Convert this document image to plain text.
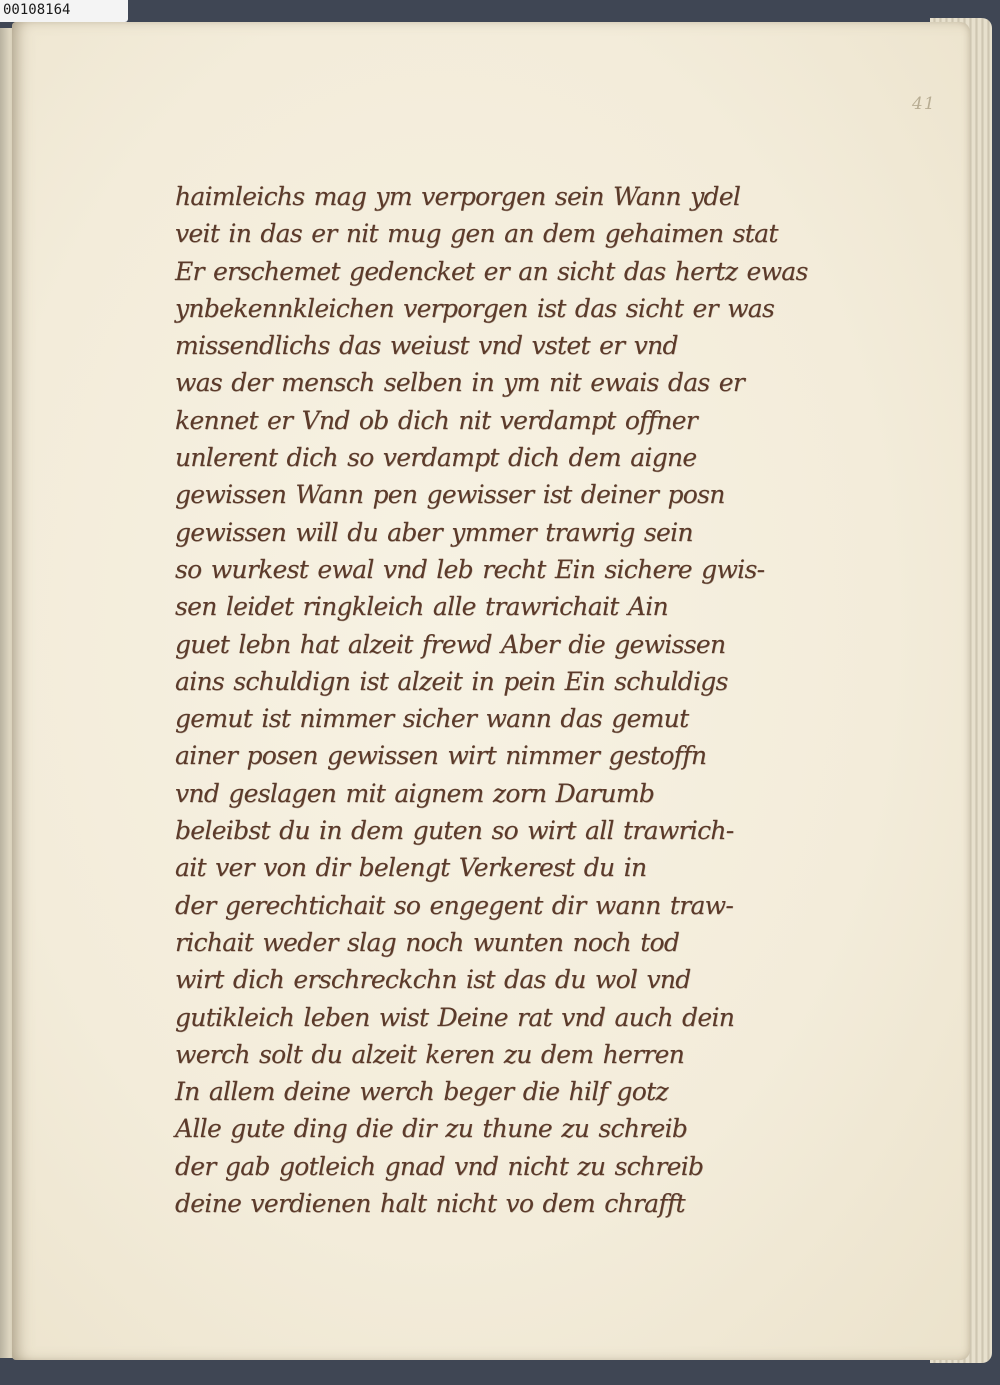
00108164
41
haimleichs mag ym verporgen sein Wann ydel
veit in das er nit mug gen an dem gehaimen stat
Er erschemet gedencket er an sicht das hertz ewas
ynbekennkleichen verporgen ist das sicht er was
missendlichs das weiust vnd vstet er vnd
was der mensch selben in ym nit ewais das er
kennet er Vnd ob dich nit verdampt offner
unlerent dich so verdampt dich dem aigne
gewissen Wann pen gewisser ist deiner posn
gewissen will du aber ymmer trawrig sein
so wurkest ewal vnd leb recht Ein sichere gwis-
sen leidet ringkleich alle trawrichait Ain
guet lebn hat alzeit frewd Aber die gewissen
ains schuldign ist alzeit in pein Ein schuldigs
gemut ist nimmer sicher wann das gemut
ainer posen gewissen wirt nimmer gestoffn
vnd geslagen mit aignem zorn Darumb
beleibst du in dem guten so wirt all trawrich-
ait ver von dir belengt Verkerest du in
der gerechtichait so engegent dir wann traw-
richait weder slag noch wunten noch tod
wirt dich erschreckchn ist das du wol vnd
gutikleich leben wist Deine rat vnd auch dein
werch solt du alzeit keren zu dem herren
In allem deine werch beger die hilf gotz
Alle gute ding die dir zu thune zu schreib
der gab gotleich gnad vnd nicht zu schreib
deine verdienen halt nicht vo dem chrafft
